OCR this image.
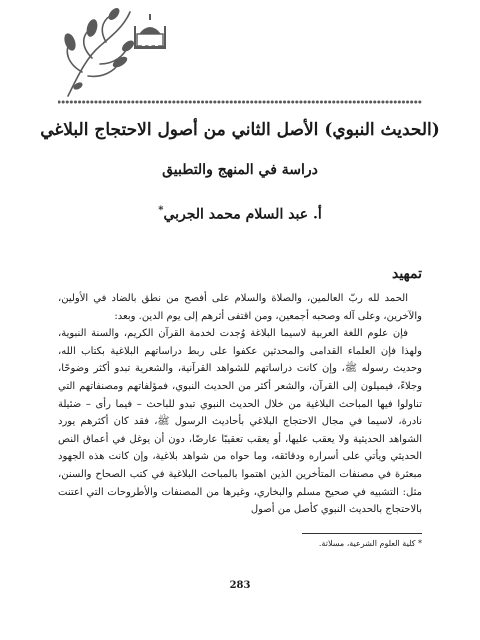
(الحديث النبوي) الأصل الثاني من أصول الاحتجاج البلاغي
دراسة في المنهج والتطبيق
أ. عبد السلام محمد الجربي*
تمهيد

الحمد لله ربّ العالمين، والصلاة والسلام على أفصح من نطق بالضاد في الأولين، والآخرين، وعلى آله وصحبه أجمعين، ومن اقتفى أثرهم إلى يوم الدين. وبعد:

فإن علوم اللغة العربية لاسيما البلاغة وُجدت لخدمة القرآن الكريم، والسنة النبوية، ولهذا فإن العلماء القدامى والمحدثين عكفوا على ربط دراساتهم البلاغية بكتاب الله، وحديث رسوله ﷺ، وإن كانت دراساتهم للشواهد القرآنية، والشعرية تبدو أكثر وضوحًا، وجلاءً، فيميلون إلى القرآن، والشعر أكثر من الحديث النبوي، فمؤلفاتهم ومصنفاتهم التي تناولوا فيها المباحث البلاغية من خلال الحديث النبوي تبدو للباحث – فيما رأى – ضئيلة نادرة، لاسيما في مجال الاحتجاج البلاغي بأحاديث الرسول ﷺ، فقد كان أكثرهم يورد الشواهد الحديثية ولا يعقب عليها، أو يعقب تعقيبًا عارضًا، دون أن يوغل في أعماق النص الحديثي ويأتي على أسراره ودقائقه، وما حواه من شواهد بلاغية، وإن كانت هذه الجهود مبعثرة في مصنفات المتأخرين الذين اهتموا بالمباحث البلاغية في كتب الصحاح والسنن، مثل: التشبيه في صحيح مسلم والبخاري، وغيرها من المصنفات والأطروحات التي اعتنت بالاحتجاج بالحديث النبوي كأصل من أصول

* كلية العلوم الشرعية، مسلاتة.
283
